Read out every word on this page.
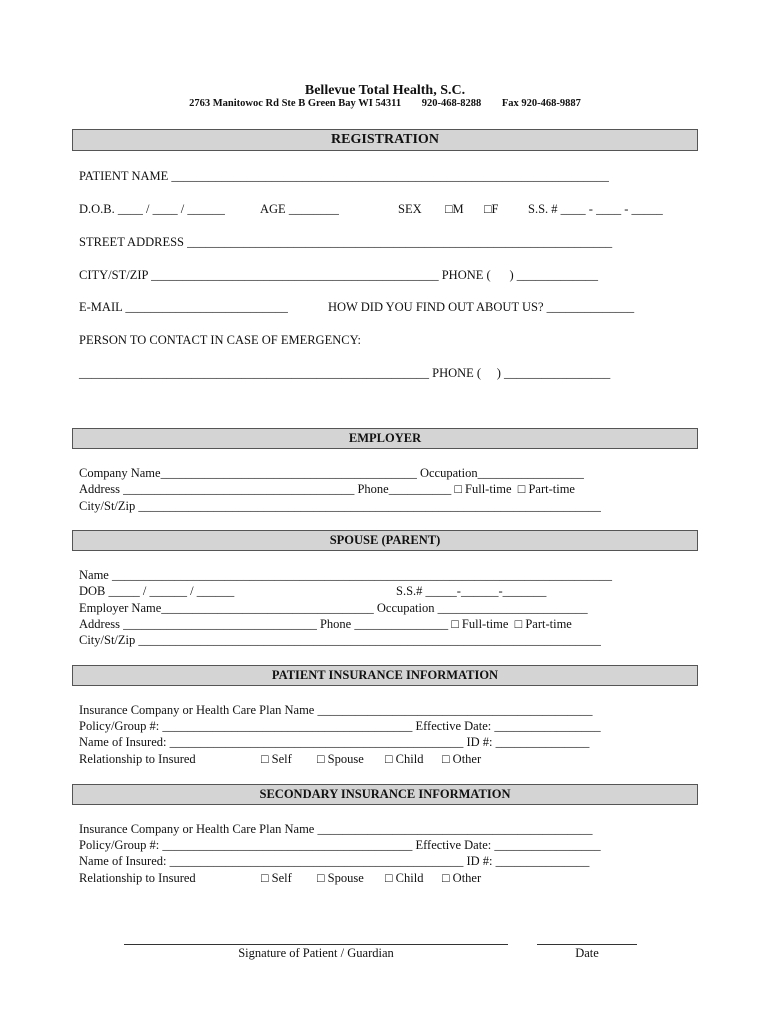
Bellevue Total Health, S.C.
2763 Manitowoc Rd Ste B Green Bay WI 54311 920-468-8288 Fax 920-468-9887
REGISTRATION
PATIENT NAME ______________________________________________________________________
D.O.B. ____ / ____ / ______	AGE ________	SEX □M □F S.S. # ____ - ____ - _____
STREET ADDRESS ____________________________________________________________________
CITY/ST/ZIP ______________________________________________ PHONE (      ) _____________
E-MAIL __________________________	HOW DID YOU FIND OUT ABOUT US? ______________
PERSON TO CONTACT IN CASE OF EMERGENCY:
________________________________________________________ PHONE (     ) _________________
EMPLOYER
Company Name_________________________________________ Occupation_________________
Address _____________________________________ Phone__________ □ Full-time  □ Part-time
City/St/Zip __________________________________________________________________________
SPOUSE (PARENT)
Name ________________________________________________________________________________
DOB _____ / ______ / ______	S.S.# _____-______-_______
Employer Name__________________________________ Occupation ________________________
Address _______________________________ Phone _______________ □ Full-time  □ Part-time
City/St/Zip __________________________________________________________________________
PATIENT INSURANCE INFORMATION
Insurance Company or Health Care Plan Name ____________________________________________
Policy/Group #: ________________________________________ Effective Date: _________________
Name of Insured: _______________________________________________ ID #: _______________
Relationship to Insured	□ Self □ Spouse □ Child □ Other
SECONDARY INSURANCE INFORMATION
Insurance Company or Health Care Plan Name ____________________________________________
Policy/Group #: ________________________________________ Effective Date: _________________
Name of Insured: _______________________________________________ ID #: _______________
Relationship to Insured	□ Self □ Spouse □ Child □ Other
Signature of Patient / Guardian	Date
